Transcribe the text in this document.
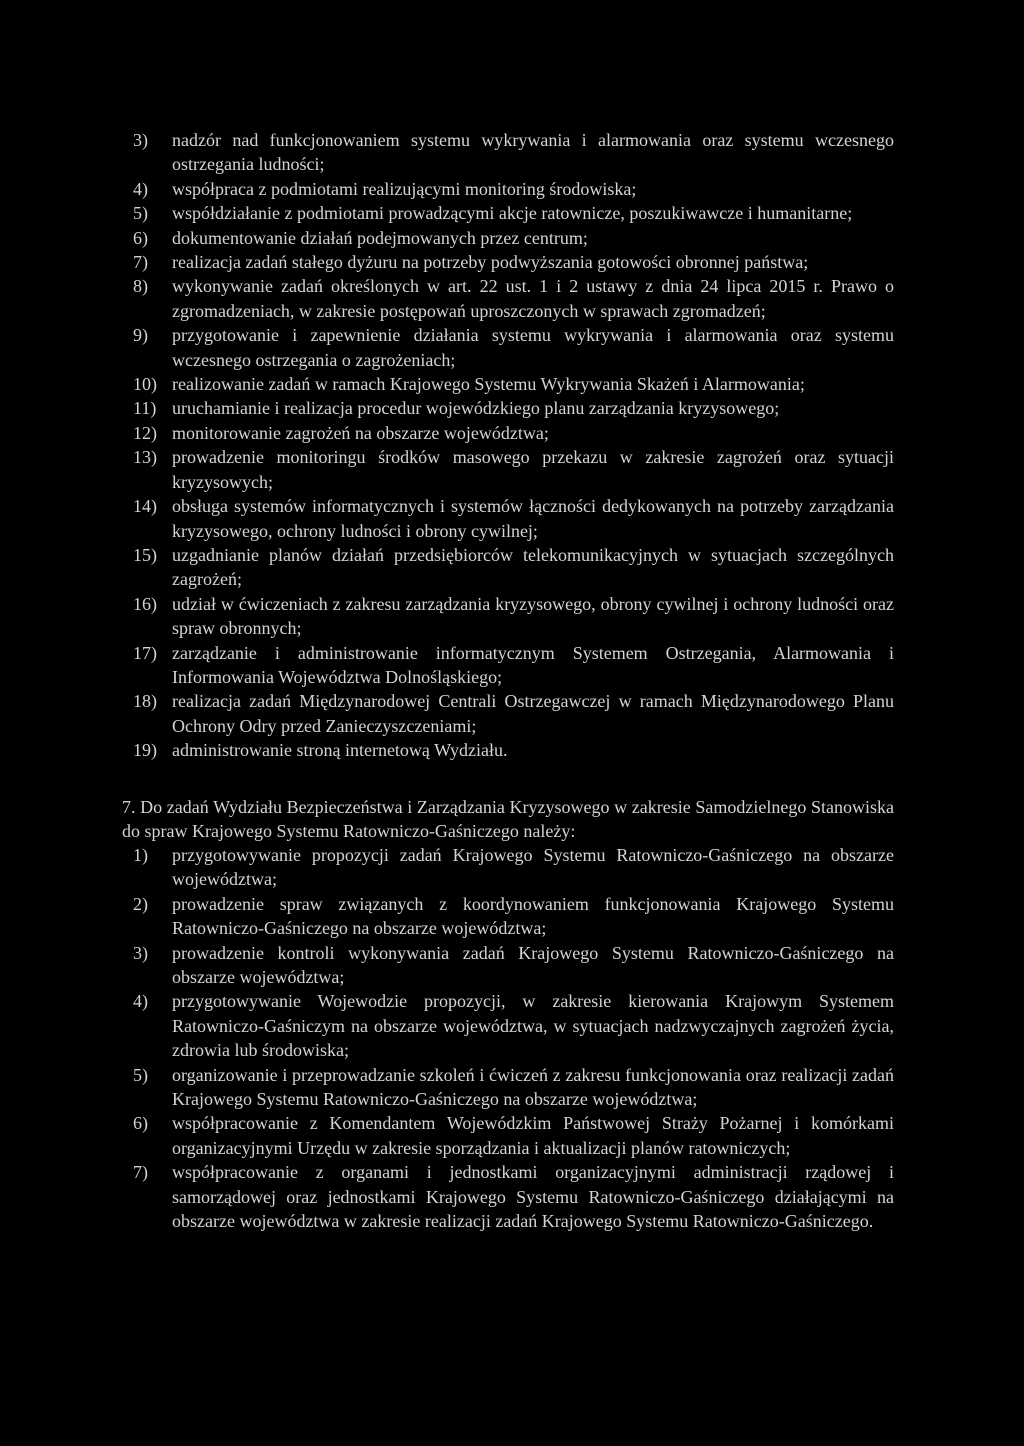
3) nadzór nad funkcjonowaniem systemu wykrywania i alarmowania oraz systemu wczesnego ostrzegania ludności;
4) współpraca z podmiotami realizującymi monitoring środowiska;
5) współdziałanie z podmiotami prowadzącymi akcje ratownicze, poszukiwawcze i humanitarne;
6) dokumentowanie działań podejmowanych przez centrum;
7) realizacja zadań stałego dyżuru na potrzeby podwyższania gotowości obronnej państwa;
8) wykonywanie zadań określonych w art. 22 ust. 1 i 2 ustawy z dnia 24 lipca 2015 r. Prawo o zgromadzeniach, w zakresie postępowań uproszczonych w sprawach zgromadzeń;
9) przygotowanie i zapewnienie działania systemu wykrywania i alarmowania oraz systemu wczesnego ostrzegania o zagrożeniach;
10) realizowanie zadań w ramach Krajowego Systemu Wykrywania Skażeń i Alarmowania;
11) uruchamianie i realizacja procedur wojewódzkiego planu zarządzania kryzysowego;
12) monitorowanie zagrożeń na obszarze województwa;
13) prowadzenie monitoringu środków masowego przekazu w zakresie zagrożeń oraz sytuacji kryzysowych;
14) obsługa systemów informatycznych i systemów łączności dedykowanych na potrzeby zarządzania kryzysowego, ochrony ludności i obrony cywilnej;
15) uzgadnianie planów działań przedsiębiorców telekomunikacyjnych w sytuacjach szczególnych zagrożeń;
16) udział w ćwiczeniach z zakresu zarządzania kryzysowego, obrony cywilnej i ochrony ludności oraz spraw obronnych;
17) zarządzanie i administrowanie informatycznym Systemem Ostrzegania, Alarmowania i Informowania Województwa Dolnośląskiego;
18) realizacja zadań Międzynarodowej Centrali Ostrzegawczej w ramach Międzynarodowego Planu Ochrony Odry przed Zanieczyszczeniami;
19) administrowanie stroną internetową Wydziału.
7. Do zadań Wydziału Bezpieczeństwa i Zarządzania Kryzysowego w zakresie Samodzielnego Stanowiska do spraw Krajowego Systemu Ratowniczo-Gaśniczego należy:
1) przygotowywanie propozycji zadań Krajowego Systemu Ratowniczo-Gaśniczego na obszarze województwa;
2) prowadzenie spraw związanych z koordynowaniem funkcjonowania Krajowego Systemu Ratowniczo-Gaśniczego na obszarze województwa;
3) prowadzenie kontroli wykonywania zadań Krajowego Systemu Ratowniczo-Gaśniczego na obszarze województwa;
4) przygotowywanie Wojewodzie propozycji, w zakresie kierowania Krajowym Systemem Ratowniczo-Gaśniczym na obszarze województwa, w sytuacjach nadzwyczajnych zagrożeń życia, zdrowia lub środowiska;
5) organizowanie i przeprowadzanie szkoleń i ćwiczeń z zakresu funkcjonowania oraz realizacji zadań Krajowego Systemu Ratowniczo-Gaśniczego na obszarze województwa;
6) współpracowanie z Komendantem Wojewódzkim Państwowej Straży Pożarnej i komórkami organizacyjnymi Urzędu w zakresie sporządzania i aktualizacji planów ratowniczych;
7) współpracowanie z organami i jednostkami organizacyjnymi administracji rządowej i samorządowej oraz jednostkami Krajowego Systemu Ratowniczo-Gaśniczego działającymi na obszarze województwa w zakresie realizacji zadań Krajowego Systemu Ratowniczo-Gaśniczego.
